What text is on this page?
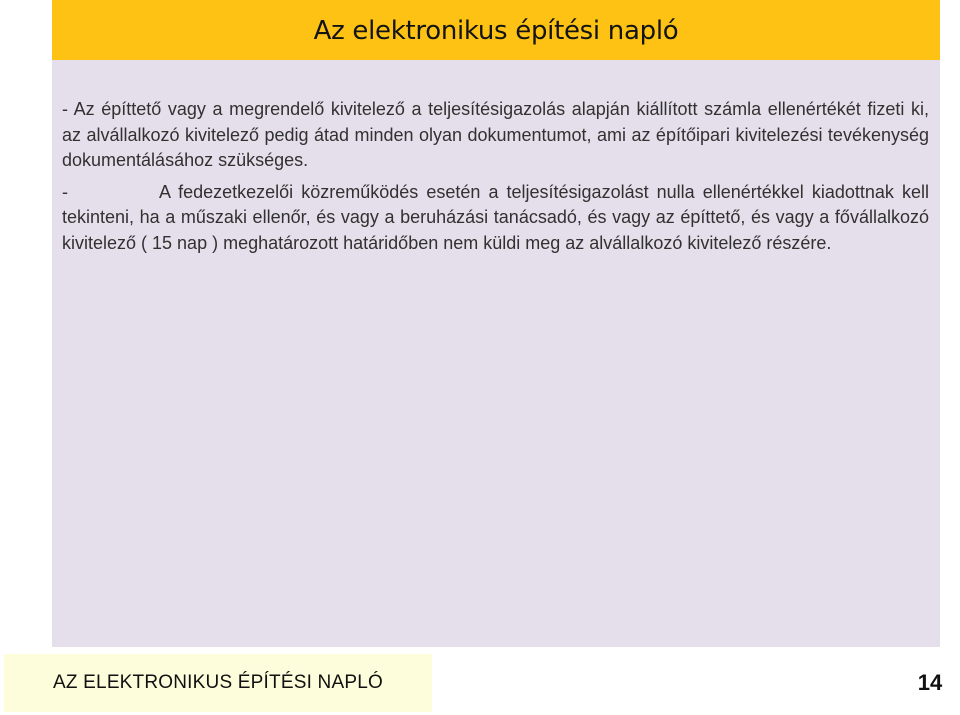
Az elektronikus építési napló

- Az építtető vagy a megrendelő kivitelező a teljesítésigazolás alapján kiállított számla ellenértékét fizeti ki, az alvállalkozó kivitelező pedig átad minden olyan dokumentumot, ami az építőipari kivitelezési tevékenység dokumentálásához szükséges.

-	A fedezetkezelői közreműködés esetén a teljesítésigazolást nulla ellenértékkel kiadottnak kell tekinteni, ha a műszaki ellenőr, és vagy a beruházási tanácsadó, és vagy az építtető, és vagy a fővállalkozó kivitelező ( 15 nap ) meghatározott határidőben nem küldi meg az alvállalkozó kivitelező részére.

AZ ELEKTRONIKUS ÉPÍTÉSI NAPLÓ	14
